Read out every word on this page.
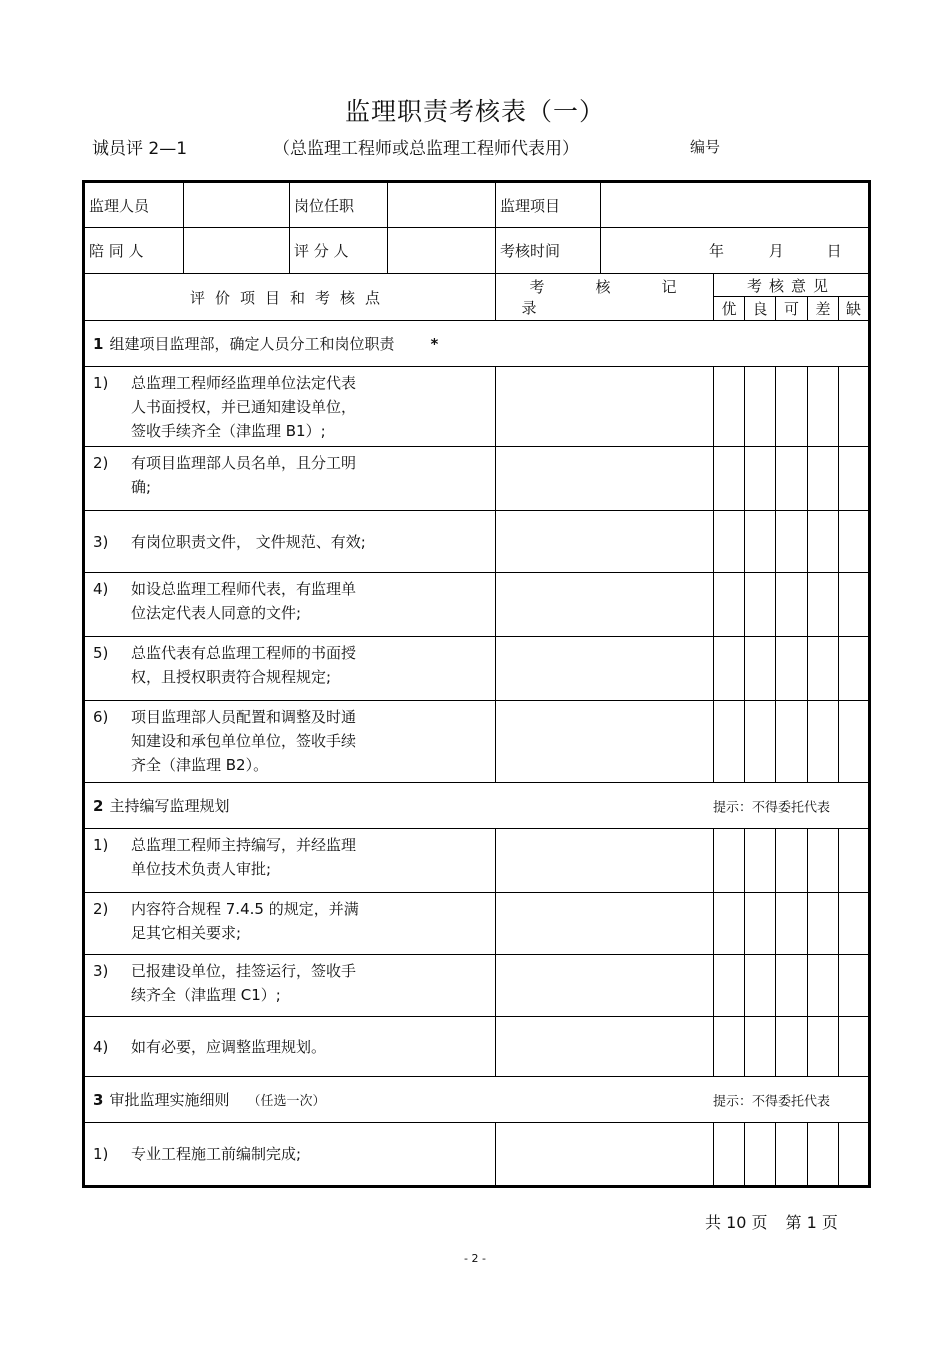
监理职责考核表（一）
诚员评 2—1	（总监理工程师或总监理工程师代表用）	编号
监理人员		岗位任职		监理项目						
陪 同 人		评 分 人		考核时间	年 月 日					
评价项目和考核点				考 核 记录		考核意见				
						优	良	可	差	缺
1 组建项目监理部，确定人员分工和岗位职责 *										

1) 总监理工程师经监理单位法定代表
人书面授权，并已通知建设单位，
签收手续齐全（津监理 B1）;										

2) 有项目监理部人员名单，且分工明
确;										

3) 有岗位职责文件， 文件规范、有效;										

4) 如设总监理工程师代表，有监理单
位法定代表人同意的文件;										

5) 总监代表有总监理工程师的书面授
权，且授权职责符合规程规定;										

6) 项目监理部人员配置和调整及时通
知建设和承包单位单位，签收手续
齐全（津监理 B2）。										

2 主持编写监理规划 提示：不得委托代表										

1) 总监理工程师主持编写，并经监理
单位技术负责人审批;										

2) 内容符合规程 7.4.5 的规定，并满
足其它相关要求;										

3) 已报建设单位，挂签运行，签收手
续齐全（津监理 C1）;										

4) 如有必要，应调整监理规划。										

3 审批监理实施细则 （任选一次） 提示：不得委托代表										

1) 专业工程施工前编制完成;										

共 10 页 第 1 页
- 2 -
